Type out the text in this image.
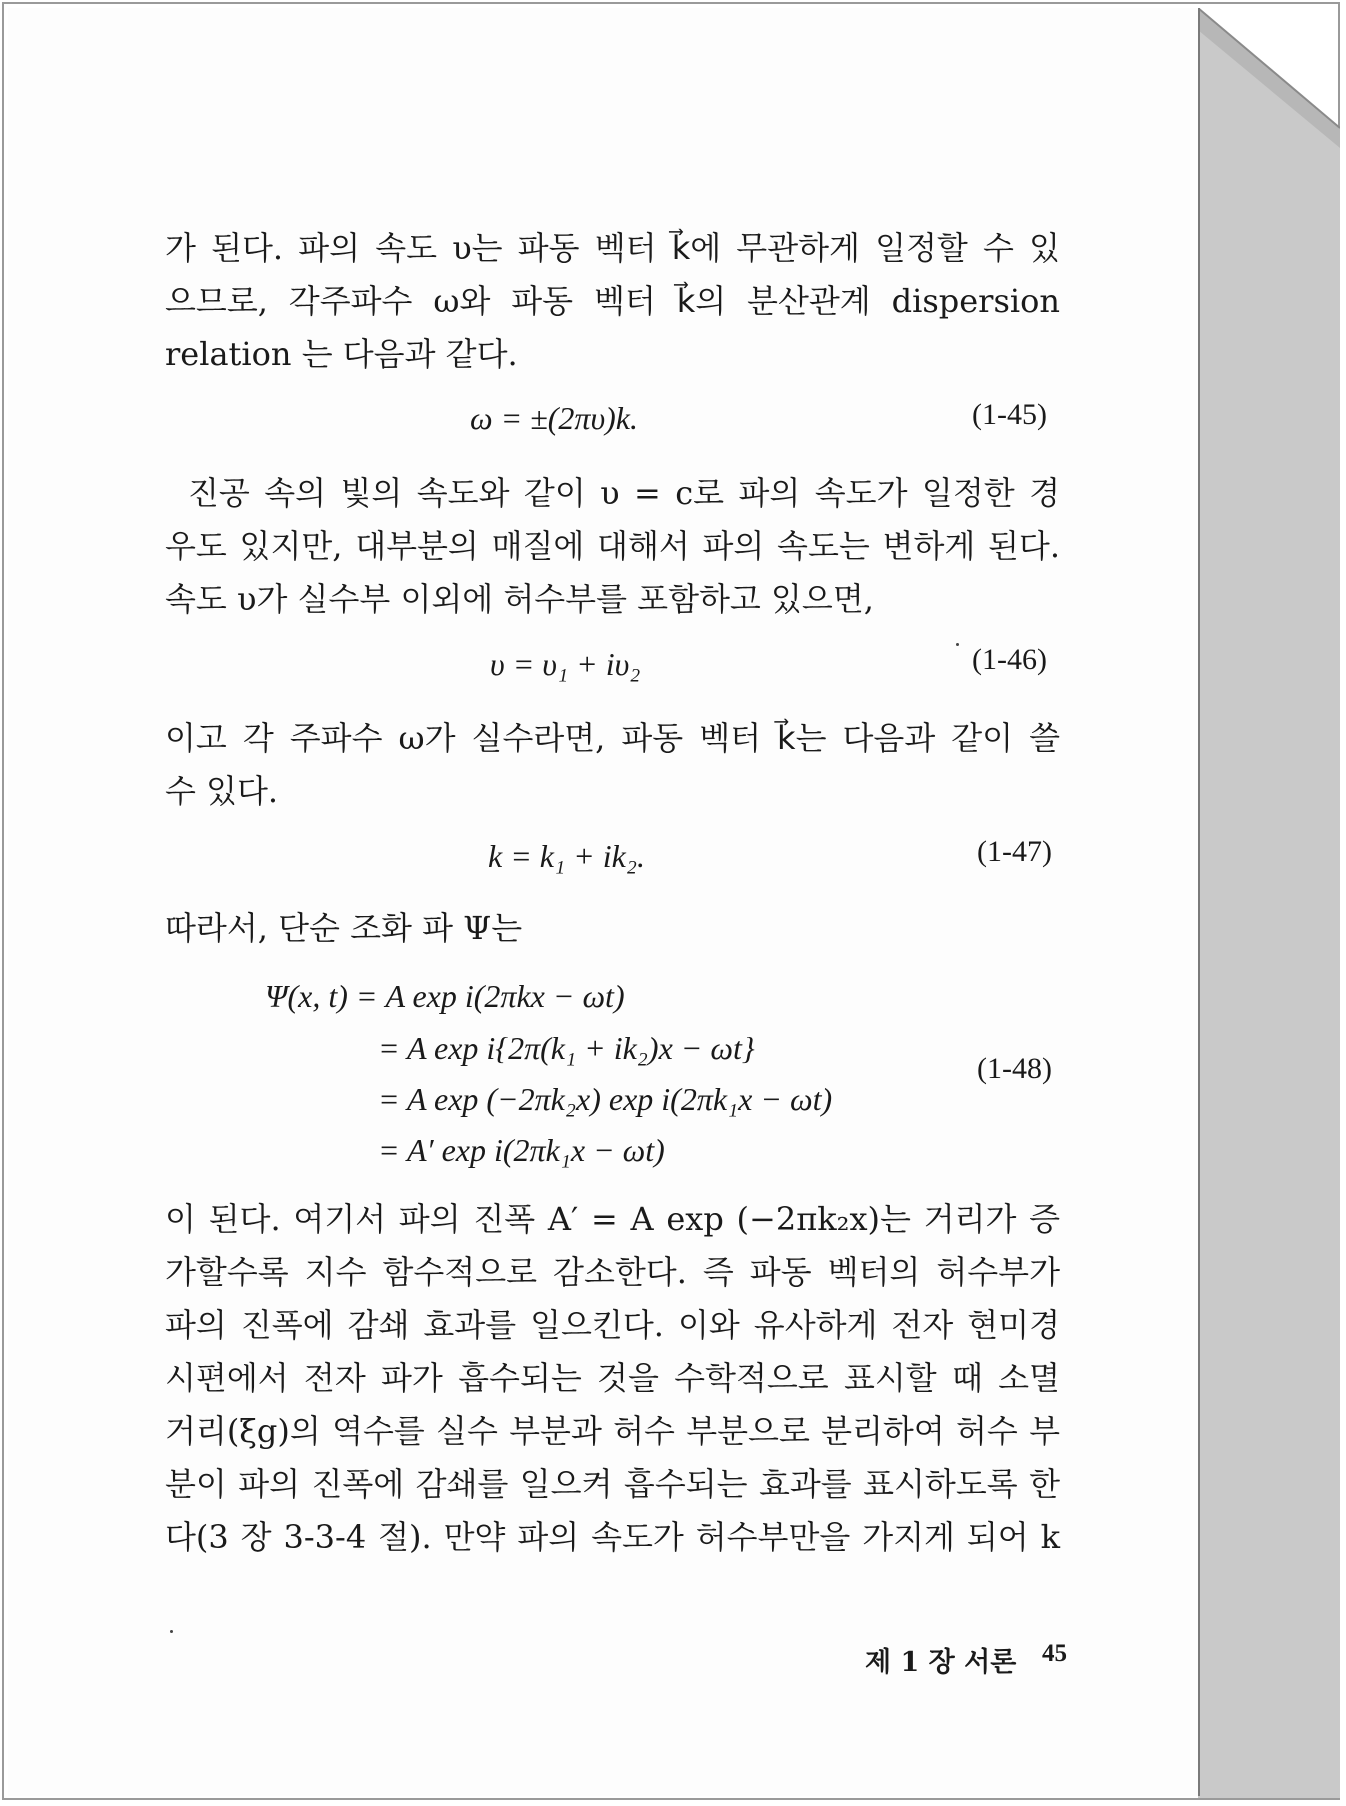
가 된다. 파의 속도 υ는 파동 벡터 k⃗에 무관하게 일정할 수 있

으므로, 각주파수 ω와 파동 벡터 k⃗의 분산관계 dispersion

relation 는 다음과 같다.

ω = ±(2πυ)k.	(1-45)

진공 속의 빛의 속도와 같이 υ = c로 파의 속도가 일정한 경

우도 있지만, 대부분의 매질에 대해서 파의 속도는 변하게 된다.

속도 υ가 실수부 이외에 허수부를 포함하고 있으면,

υ = υ₁ + iυ₂	(1-46)

이고 각 주파수 ω가 실수라면, 파동 벡터 k⃗는 다음과 같이 쓸

수 있다.

k = k₁ + ik₂.	(1-47)

따라서, 단순 조화 파 Ψ는

Ψ(x, t) = A exp i(2πkx − ωt)
= A exp i{2π(k₁ + ik₂)x − ωt}
= A exp (−2πk₂x) exp i(2πk₁x − ωt)
= A′ exp i(2πk₁x − ωt)
(1-48)

이 된다. 여기서 파의 진폭 A′ = A exp (−2πk₂x)는 거리가 증

가할수록 지수 함수적으로 감소한다. 즉 파동 벡터의 허수부가

파의 진폭에 감쇄 효과를 일으킨다. 이와 유사하게 전자 현미경

시편에서 전자 파가 흡수되는 것을 수학적으로 표시할 때 소멸

거리(ξg)의 역수를 실수 부분과 허수 부분으로 분리하여 허수 부

분이 파의 진폭에 감쇄를 일으켜 흡수되는 효과를 표시하도록 한

다(3 장 3-3-4 절). 만약 파의 속도가 허수부만을 가지게 되어 k

제 1 장 서론 45
